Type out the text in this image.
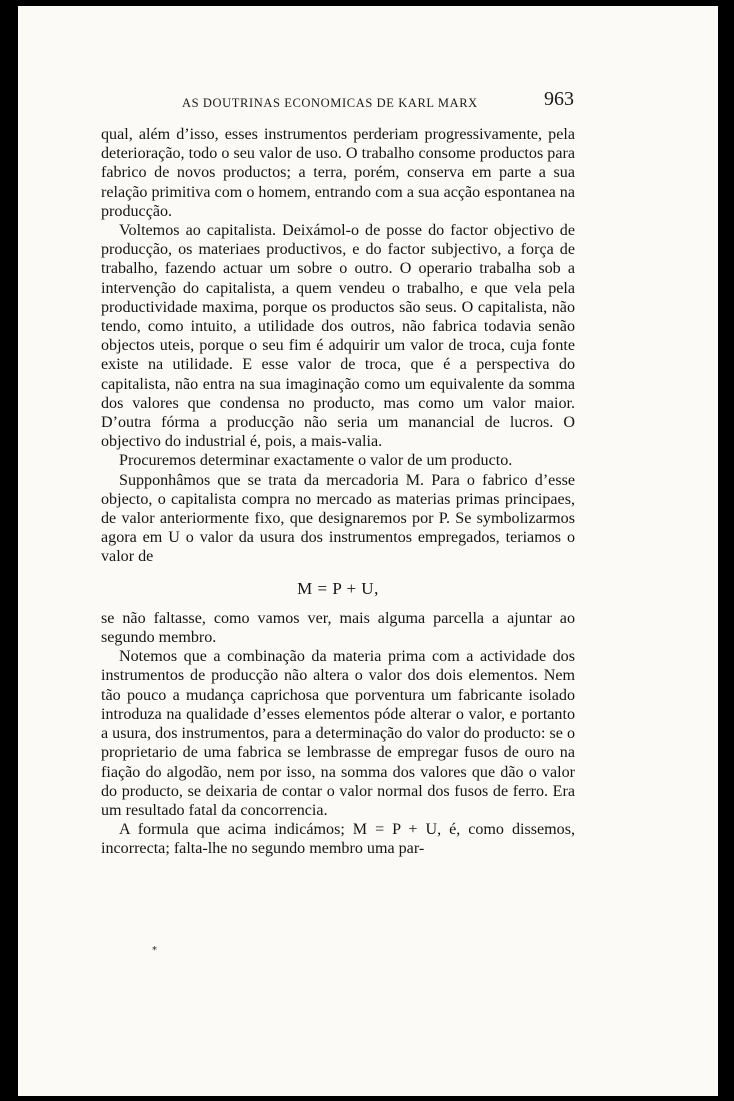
AS DOUTRINAS ECONOMICAS DE KARL MARX	963

qual, além d’isso, esses instrumentos perderiam progressivamente, pela deterioração, todo o seu valor de uso. O trabalho consome productos para fabrico de novos productos; a terra, porém, conserva em parte a sua relação primitiva com o homem, entrando com a sua acção espontanea na producção.

Voltemos ao capitalista. Deixámol-o de posse do factor objectivo de producção, os materiaes productivos, e do factor subjectivo, a força de trabalho, fazendo actuar um sobre o outro. O operario trabalha sob a intervenção do capitalista, a quem vendeu o trabalho, e que vela pela productividade maxima, porque os productos são seus. O capitalista, não tendo, como intuito, a utilidade dos outros, não fabrica todavia senão objectos uteis, porque o seu fim é adquirir um valor de troca, cuja fonte existe na utilidade. E esse valor de troca, que é a perspectiva do capitalista, não entra na sua imaginação como um equivalente da somma dos valores que condensa no producto, mas como um valor maior. D’outra fórma a producção não seria um manancial de lucros. O objectivo do industrial é, pois, a mais-valia.

Procuremos determinar exactamente o valor de um producto.

Supponhâmos que se trata da mercadoria M. Para o fabrico d’esse objecto, o capitalista compra no mercado as materias primas principaes, de valor anteriormente fixo, que designaremos por P. Se symbolizarmos agora em U o valor da usura dos instrumentos empregados, teriamos o valor de

M = P + U,

se não faltasse, como vamos ver, mais alguma parcella a ajuntar ao segundo membro.

Notemos que a combinação da materia prima com a actividade dos instrumentos de producção não altera o valor dos dois elementos. Nem tão pouco a mudança caprichosa que porventura um fabricante isolado introduza na qualidade d’esses elementos póde alterar o valor, e portanto a usura, dos instrumentos, para a determinação do valor do producto: se o proprietario de uma fabrica se lembrasse de empregar fusos de ouro na fiação do algodão, nem por isso, na somma dos valores que dão o valor do producto, se deixaria de contar o valor normal dos fusos de ferro. Era um resultado fatal da concorrencia.

A formula que acima indicámos; M = P + U, é, como dissemos, incorrecta; falta-lhe no segundo membro uma par-

*
